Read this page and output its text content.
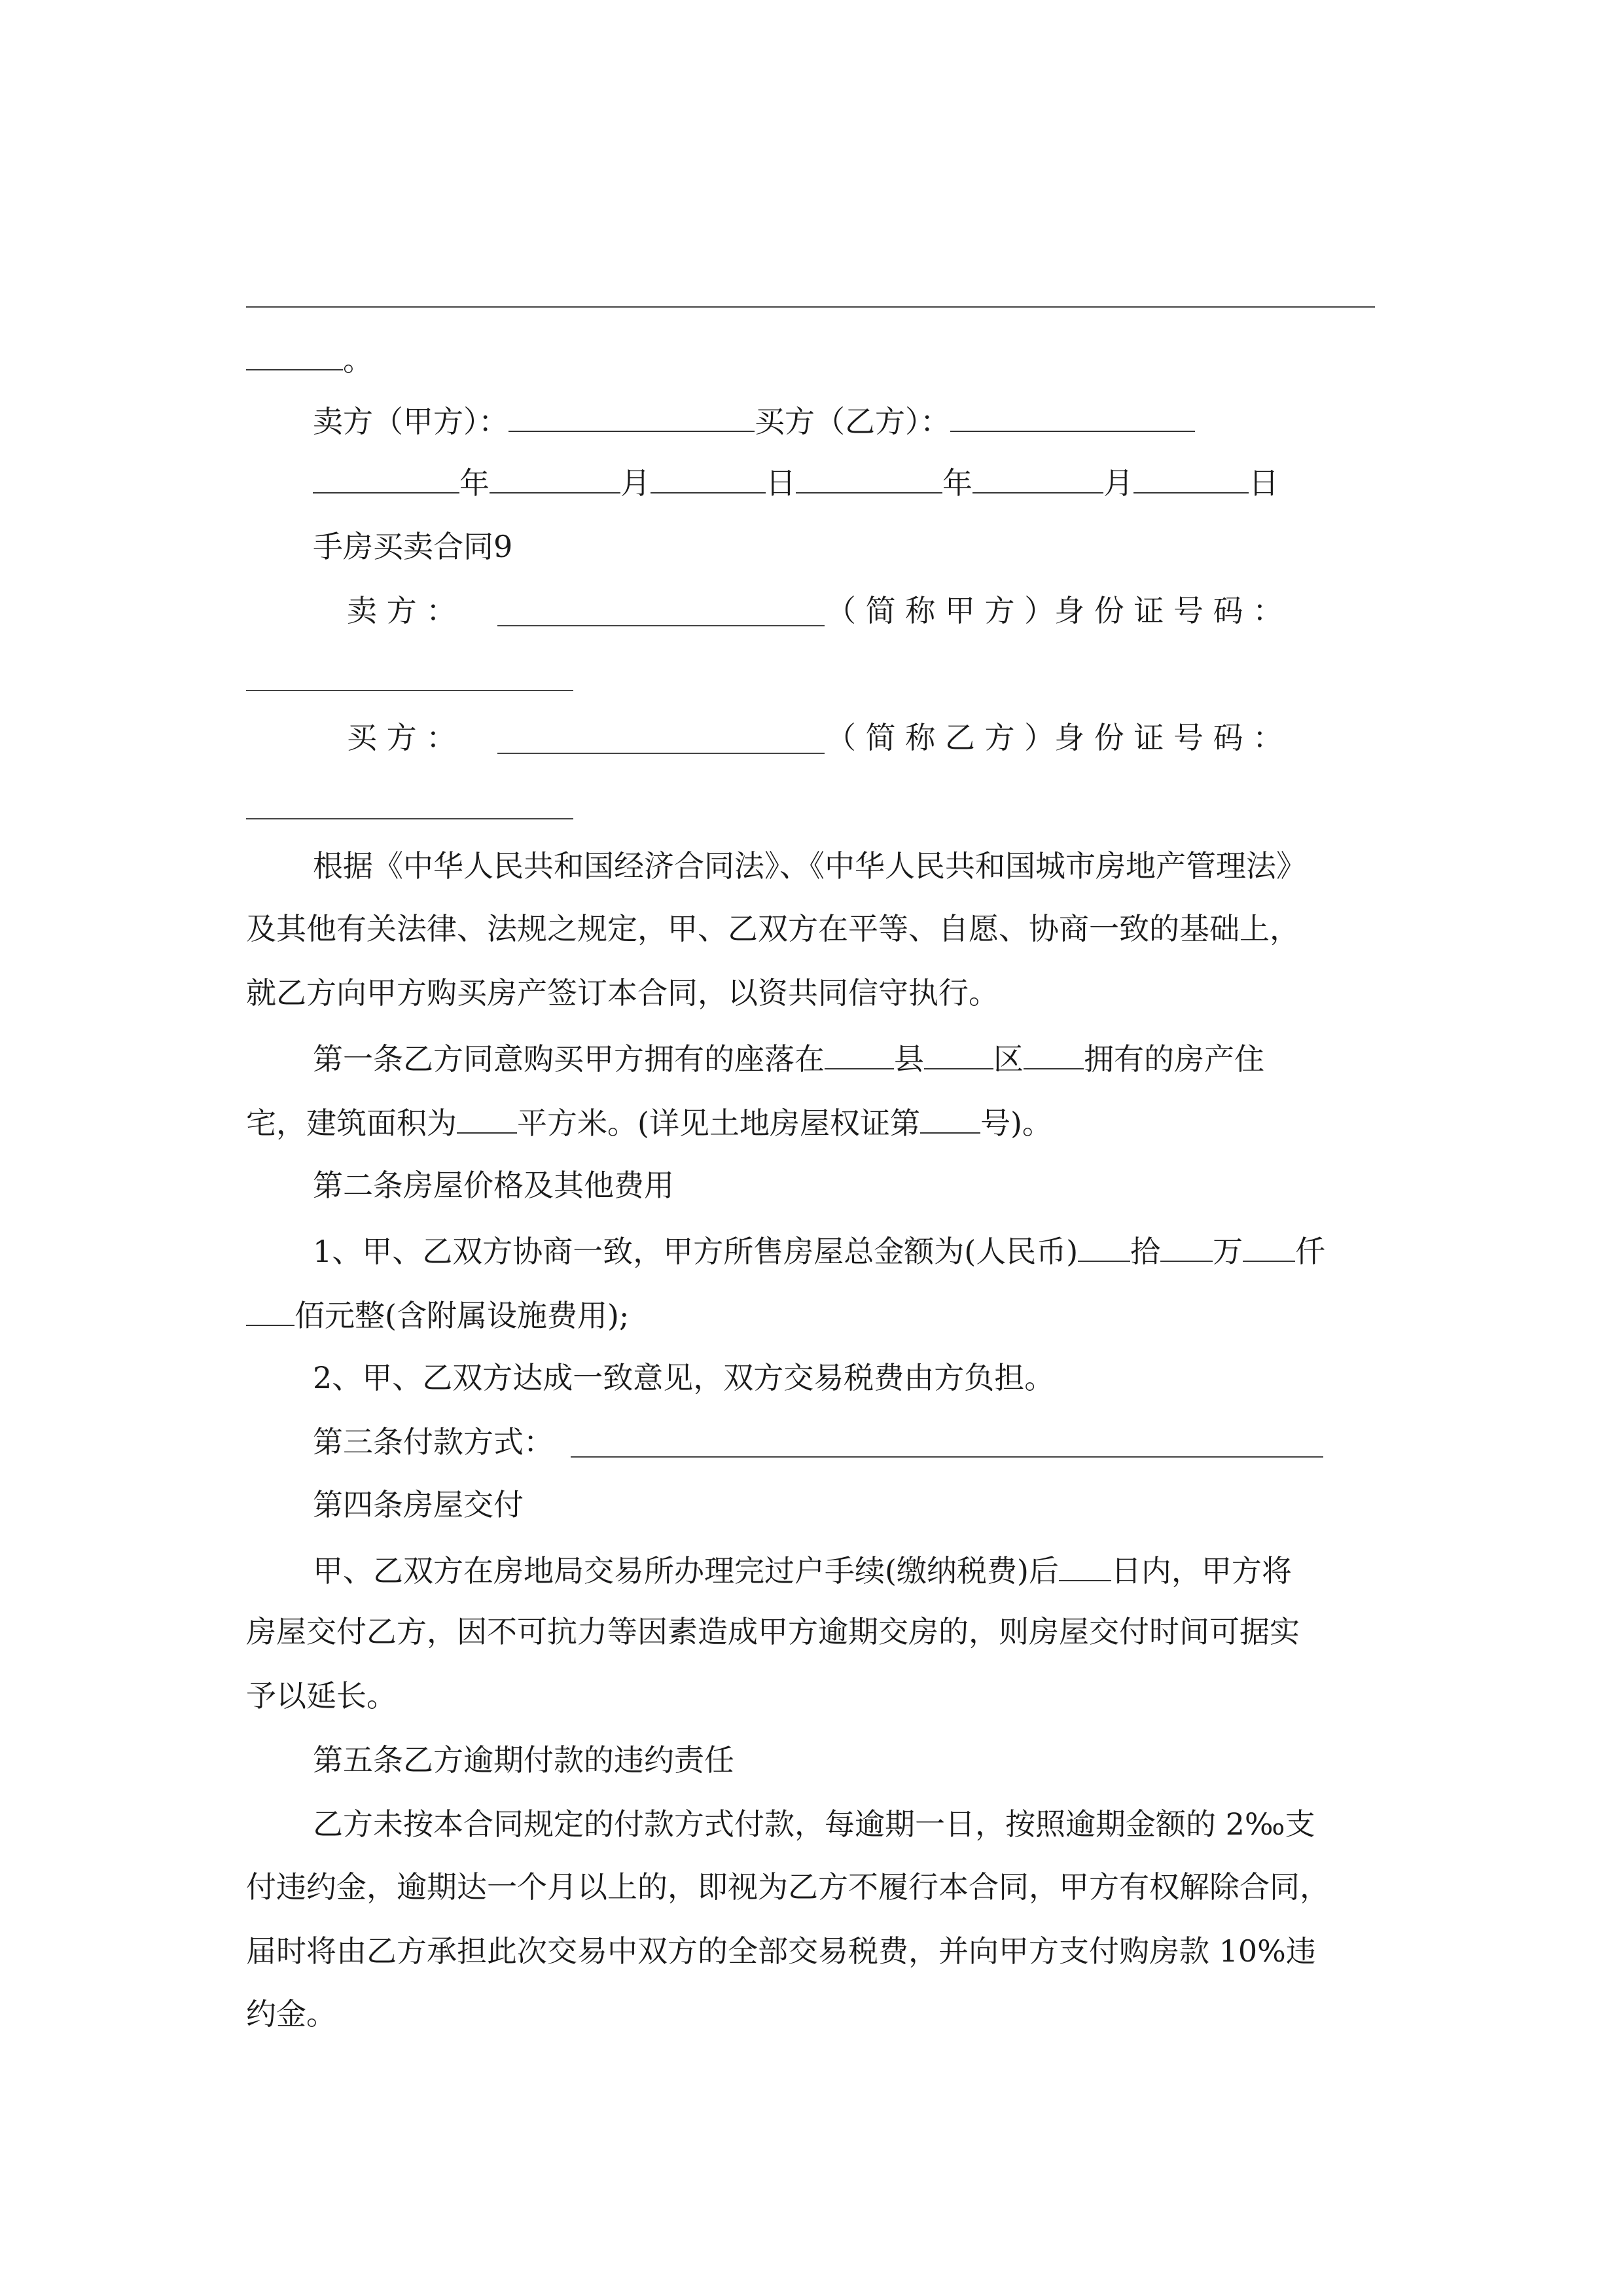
。
卖方（甲方）：	买方（乙方）：
年	月	日	年	月	日
手房买卖合同9
卖 方 ：	（ 简 称 甲 方 ）身 份 证 号 码 ：
买 方 ：	（ 简 称 乙 方 ）身 份 证 号 码 ：
根据《中华人民共和国经济合同法》、《中华人民共和国城市房地产管理法》
及其他有关法律、法规之规定，甲、乙双方在平等、自愿、协商一致的基础上，
就乙方向甲方购买房产签订本合同，以资共同信守执行。
第一条乙方同意购买甲方拥有的座落在 县 区 拥有的房产住
宅，建筑面积为 平方米。(详见土地房屋权证第 号)。
第二条房屋价格及其他费用
1、甲、乙双方协商一致，甲方所售房屋总金额为(人民币) 拾 万 仟
佰元整(含附属设施费用);
2、甲、乙双方达成一致意见，双方交易税费由方负担。
第三条付款方式：
第四条房屋交付
甲、乙双方在房地局交易所办理完过户手续(缴纳税费)后 日内，甲方将
房屋交付乙方，因不可抗力等因素造成甲方逾期交房的，则房屋交付时间可据实
予以延长。
第五条乙方逾期付款的违约责任
乙方未按本合同规定的付款方式付款，每逾期一日，按照逾期金额的 2‰支
付违约金，逾期达一个月以上的，即视为乙方不履行本合同，甲方有权解除合同，
届时将由乙方承担此次交易中双方的全部交易税费，并向甲方支付购房款 10%违
约金。
